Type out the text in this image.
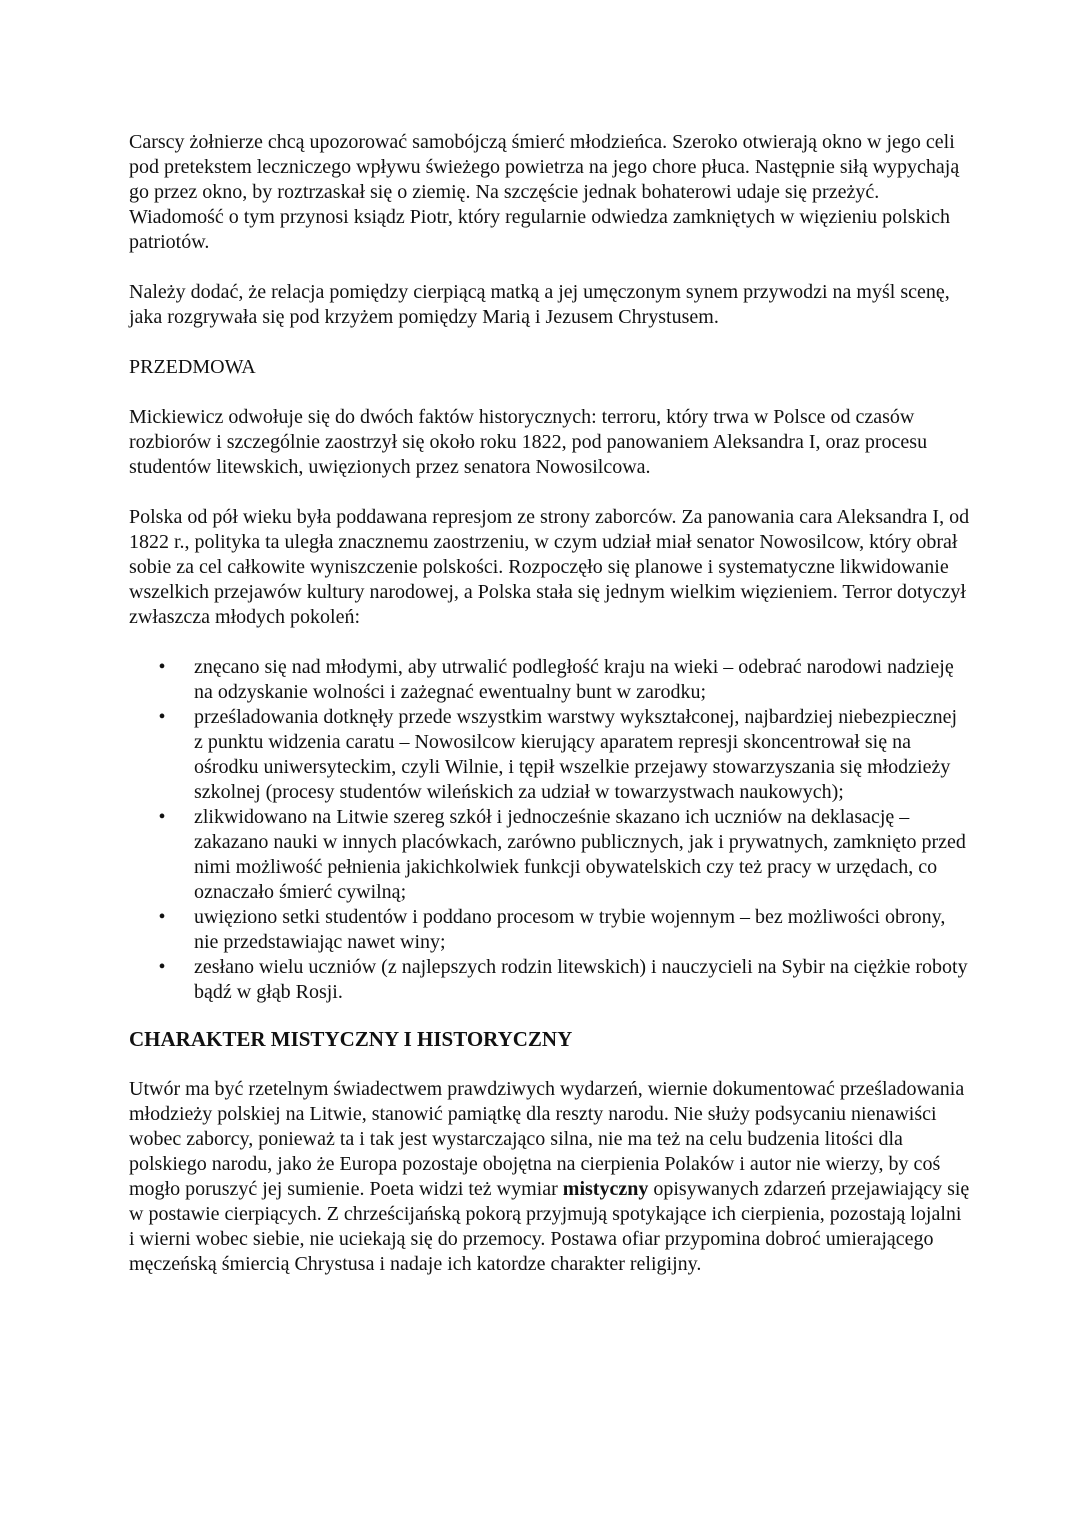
Carscy żołnierze chcą upozorować samobójczą śmierć młodzieńca. Szeroko otwierają okno w jego celi pod pretekstem leczniczego wpływu świeżego powietrza na jego chore płuca. Następnie siłą wypychają go przez okno, by roztrzaskał się o ziemię. Na szczęście jednak bohaterowi udaje się przeżyć. Wiadomość o tym przynosi ksiądz Piotr, który regularnie odwiedza zamkniętych w więzieniu polskich patriotów.

Należy dodać, że relacja pomiędzy cierpiącą matką a jej umęczonym synem przywodzi na myśl scenę, jaka rozgrywała się pod krzyżem pomiędzy Marią i Jezusem Chrystusem.

PRZEDMOWA

Mickiewicz odwołuje się do dwóch faktów historycznych: terroru, który trwa w Polsce od czasów rozbiorów i szczególnie zaostrzył się około roku 1822, pod panowaniem Aleksandra I, oraz procesu studentów litewskich, uwięzionych przez senatora Nowosilcowa.

Polska od pół wieku była poddawana represjom ze strony zaborców. Za panowania cara Aleksandra I, od 1822 r., polityka ta uległa znacznemu zaostrzeniu, w czym udział miał senator Nowosilcow, który obrał sobie za cel całkowite wyniszczenie polskości. Rozpoczęło się planowe i systematyczne likwidowanie wszelkich przejawów kultury narodowej, a Polska stała się jednym wielkim więzieniem. Terror dotyczył zwłaszcza młodych pokoleń:

•	znęcano się nad młodymi, aby utrwalić podległość kraju na wieki – odebrać narodowi nadzieję na odzyskanie wolności i zażegnać ewentualny bunt w zarodku;
•	prześladowania dotknęły przede wszystkim warstwy wykształconej, najbardziej niebezpiecznej z punktu widzenia caratu – Nowosilcow kierujący aparatem represji skoncentrował się na ośrodku uniwersyteckim, czyli Wilnie, i tępił wszelkie przejawy stowarzyszania się młodzieży szkolnej (procesy studentów wileńskich za udział w towarzystwach naukowych);
•	zlikwidowano na Litwie szereg szkół i jednocześnie skazano ich uczniów na deklasację – zakazano nauki w innych placówkach, zarówno publicznych, jak i prywatnych, zamknięto przed nimi możliwość pełnienia jakichkolwiek funkcji obywatelskich czy też pracy w urzędach, co oznaczało śmierć cywilną;
•	uwięziono setki studentów i poddano procesom w trybie wojennym – bez możliwości obrony, nie przedstawiając nawet winy;
•	zesłano wielu uczniów (z najlepszych rodzin litewskich) i nauczycieli na Sybir na ciężkie roboty bądź w głąb Rosji.

CHARAKTER MISTYCZNY I HISTORYCZNY

Utwór ma być rzetelnym świadectwem prawdziwych wydarzeń, wiernie dokumentować prześladowania młodzieży polskiej na Litwie, stanowić pamiątkę dla reszty narodu. Nie służy podsycaniu nienawiści wobec zaborcy, ponieważ ta i tak jest wystarczająco silna, nie ma też na celu budzenia litości dla polskiego narodu, jako że Europa pozostaje obojętna na cierpienia Polaków i autor nie wierzy, by coś mogło poruszyć jej sumienie. Poeta widzi też wymiar mistyczny opisywanych zdarzeń przejawiający się w postawie cierpiących. Z chrześcijańską pokorą przyjmują spotykające ich cierpienia, pozostają lojalni i wierni wobec siebie, nie uciekają się do przemocy. Postawa ofiar przypomina dobroć umierającego męczeńską śmiercią Chrystusa i nadaje ich katordze charakter religijny.
